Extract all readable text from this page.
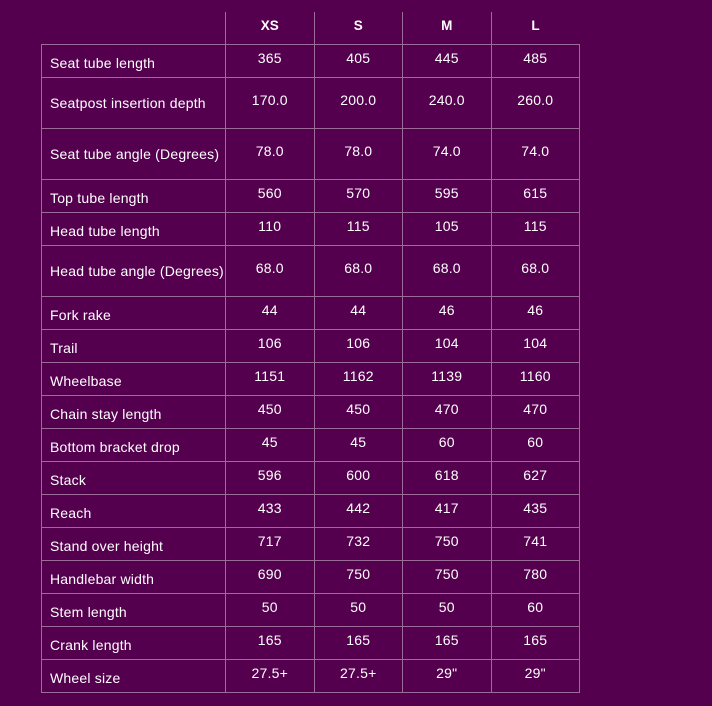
	XS	S	M	L
Seat tube length	365	405	445	485
Seatpost insertion depth	170.0	200.0	240.0	260.0
Seat tube angle (Degrees)	78.0	78.0	74.0	74.0
Top tube length	560	570	595	615
Head tube length	110	115	105	115
Head tube angle (Degrees)	68.0	68.0	68.0	68.0
Fork rake	44	44	46	46
Trail	106	106	104	104
Wheelbase	1151	1162	1139	1160
Chain stay length	450	450	470	470
Bottom bracket drop	45	45	60	60
Stack	596	600	618	627
Reach	433	442	417	435
Stand over height	717	732	750	741
Handlebar width	690	750	750	780
Stem length	50	50	50	60
Crank length	165	165	165	165
Wheel size	27.5+	27.5+	29"	29"
